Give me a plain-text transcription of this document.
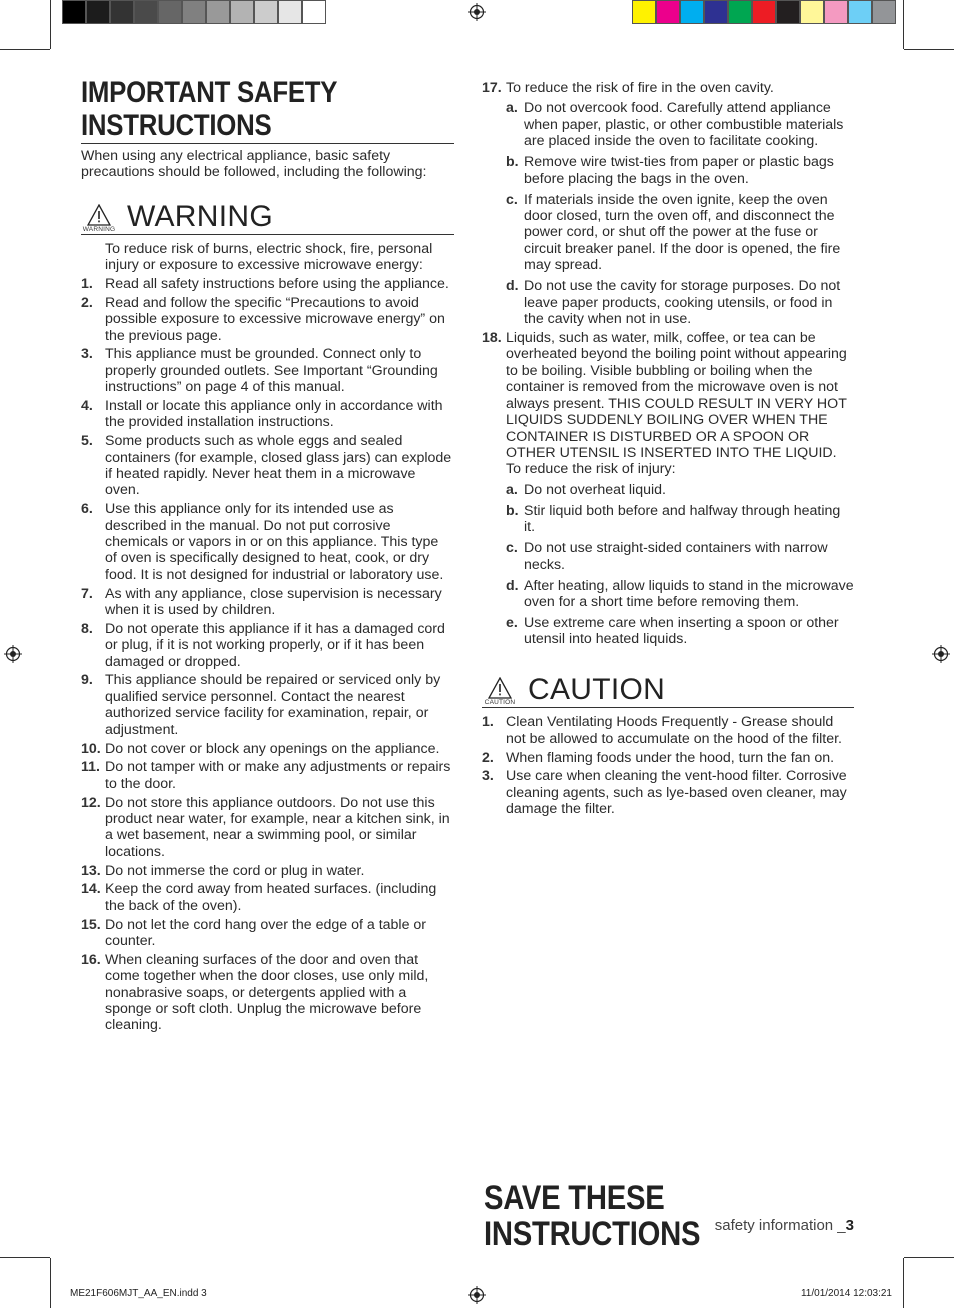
IMPORTANT SAFETY INSTRUCTIONS

When using any electrical appliance, basic safety precautions should be followed, including the following:

WARNING WARNING

To reduce risk of burns, electric shock, fire, personal injury or exposure to excessive microwave energy:

1. Read all safety instructions before using the appliance.
2. Read and follow the specific “Precautions to avoid possible exposure to excessive microwave energy” on the previous page.
3. This appliance must be grounded. Connect only to properly grounded outlets. See Important “Grounding instructions” on page 4 of this manual.
4. Install or locate this appliance only in accordance with the provided installation instructions.
5. Some products such as whole eggs and sealed containers (for example, closed glass jars) can explode if heated rapidly. Never heat them in a microwave oven.
6. Use this appliance only for its intended use as described in the manual. Do not put corrosive chemicals or vapors in or on this appliance. This type of oven is specifically designed to heat, cook, or dry food. It is not designed for industrial or laboratory use.
7. As with any appliance, close supervision is necessary when it is used by children.
8. Do not operate this appliance if it has a damaged cord or plug, if it is not working properly, or if it has been damaged or dropped.
9. This appliance should be repaired or serviced only by qualified service personnel. Contact the nearest authorized service facility for examination, repair, or adjustment.
10. Do not cover or block any openings on the appliance.
11. Do not tamper with or make any adjustments or repairs to the door.
12. Do not store this appliance outdoors. Do not use this product near water, for example, near a kitchen sink, in a wet basement, near a swimming pool, or similar locations.
13. Do not immerse the cord or plug in water.
14. Keep the cord away from heated surfaces. (including the back of the oven).
15. Do not let the cord hang over the edge of a table or counter.
16. When cleaning surfaces of the door and oven that come together when the door closes, use only mild, nonabrasive soaps, or detergents applied with a sponge or soft cloth. Unplug the microwave before cleaning.
17. To reduce the risk of fire in the oven cavity.
a. Do not overcook food. Carefully attend appliance when paper, plastic, or other combustible materials are placed inside the oven to facilitate cooking.
b. Remove wire twist-ties from paper or plastic bags before placing the bags in the oven.
c. If materials inside the oven ignite, keep the oven door closed, turn the oven off, and disconnect the power cord, or shut off the power at the fuse or circuit breaker panel. If the door is opened, the fire may spread.
d. Do not use the cavity for storage purposes. Do not leave paper products, cooking utensils, or food in the cavity when not in use.
18. Liquids, such as water, milk, coffee, or tea can be overheated beyond the boiling point without appearing to be boiling. Visible bubbling or boiling when the container is removed from the microwave oven is not always present. THIS COULD RESULT IN VERY HOT LIQUIDS SUDDENLY BOILING OVER WHEN THE CONTAINER IS DISTURBED OR A SPOON OR OTHER UTENSIL IS INSERTED INTO THE LIQUID. To reduce the risk of injury:
a. Do not overheat liquid.
b. Stir liquid both before and halfway through heating it.
c. Do not use straight-sided containers with narrow necks.
d. After heating, allow liquids to stand in the microwave oven for a short time before removing them.
e. Use extreme care when inserting a spoon or other utensil into heated liquids.
CAUTION CAUTION
1. Clean Ventilating Hoods Frequently - Grease should not be allowed to accumulate on the hood of the filter.
2. When flaming foods under the hood, turn the fan on.
3. Use care when cleaning the vent-hood filter. Corrosive cleaning agents, such as lye-based oven cleaner, may damage the filter.
SAVE THESE INSTRUCTIONS safety information _3
ME21F606MJT_AA_EN.indd 3	11/01/2014 12:03:21
